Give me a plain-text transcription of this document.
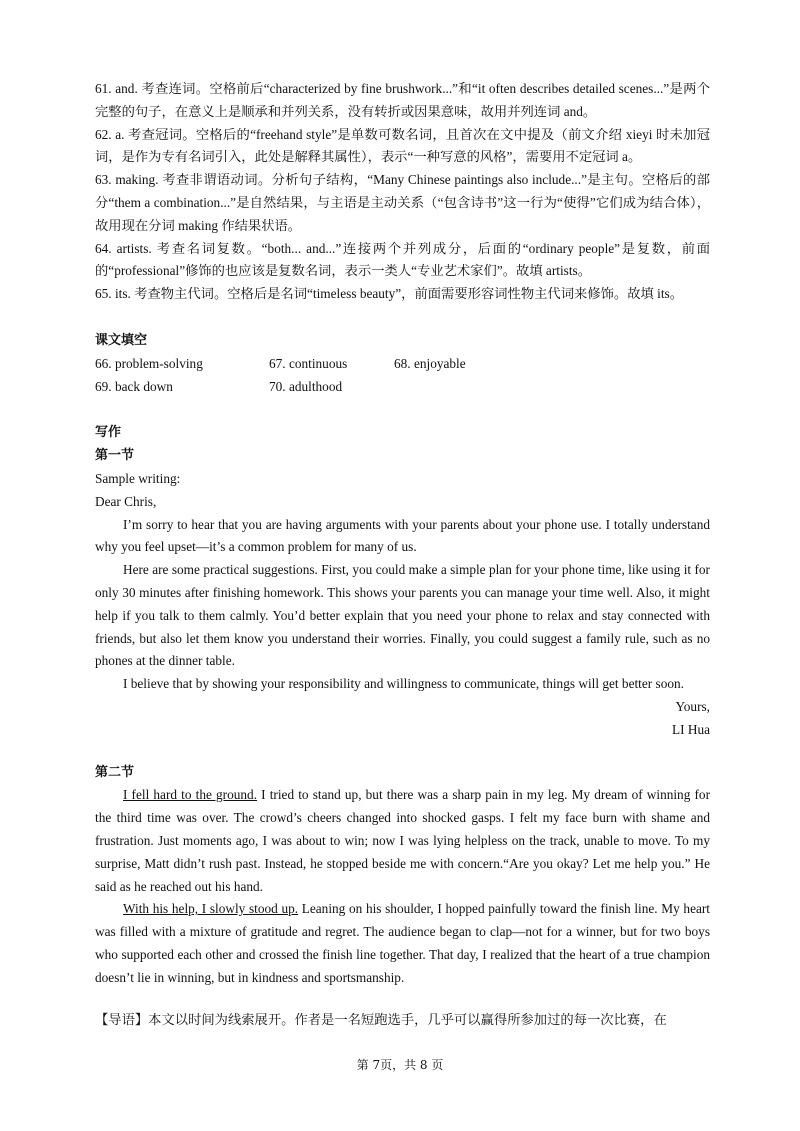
61. and. 考查连词。空格前后“characterized by fine brushwork...”和“it often describes detailed scenes...”是两个完整的句子，在意义上是顺承和并列关系，没有转折或因果意味，故用并列连词 and。

62. a. 考查冠词。空格后的“freehand style”是单数可数名词，且首次在文中提及（前文介绍 xieyi 时未加冠词，是作为专有名词引入，此处是解释其属性），表示“一种写意的风格”，需要用不定冠词 a。

63. making. 考查非谓语动词。分析句子结构，“Many Chinese paintings also include...”是主句。空格后的部分“them a combination...”是自然结果，与主语是主动关系（“包含诗书”这一行为“使得”它们成为结合体），故用现在分词 making 作结果状语。

64. artists. 考查名词复数。“both... and...”连接两个并列成分，后面的“ordinary people”是复数，前面的“professional”修饰的也应该是复数名词，表示一类人“专业艺术家们”。故填 artists。

65. its. 考查物主代词。空格后是名词“timeless beauty”，前面需要形容词性物主代词来修饰。故填 its。

课文填空

66. problem-solving	67. continuous	68. enjoyable
69. back down	70. adulthood

写作

第一节

Sample writing:

Dear Chris,

I’m sorry to hear that you are having arguments with your parents about your phone use. I totally understand why you feel upset—it’s a common problem for many of us.

Here are some practical suggestions. First, you could make a simple plan for your phone time, like using it for only 30 minutes after finishing homework. This shows your parents you can manage your time well. Also, it might help if you talk to them calmly. You’d better explain that you need your phone to relax and stay connected with friends, but also let them know you understand their worries. Finally, you could suggest a family rule, such as no phones at the dinner table.

I believe that by showing your responsibility and willingness to communicate, things will get better soon.

Yours,
LI Hua

第二节

I fell hard to the ground. I tried to stand up, but there was a sharp pain in my leg. My dream of winning for the third time was over. The crowd’s cheers changed into shocked gasps. I felt my face burn with shame and frustration. Just moments ago, I was about to win; now I was lying helpless on the track, unable to move. To my surprise, Matt didn’t rush past. Instead, he stopped beside me with concern.“Are you okay? Let me help you.” He said as he reached out his hand.

With his help, I slowly stood up. Leaning on his shoulder, I hopped painfully toward the finish line. My heart was filled with a mixture of gratitude and regret. The audience began to clap—not for a winner, but for two boys who supported each other and crossed the finish line together. That day, I realized that the heart of a true champion doesn’t lie in winning, but in kindness and sportsmanship.

【导语】本文以时间为线索展开。作者是一名短跑选手，几乎可以赢得所参加过的每一次比赛，在

第 7页，共 8 页
